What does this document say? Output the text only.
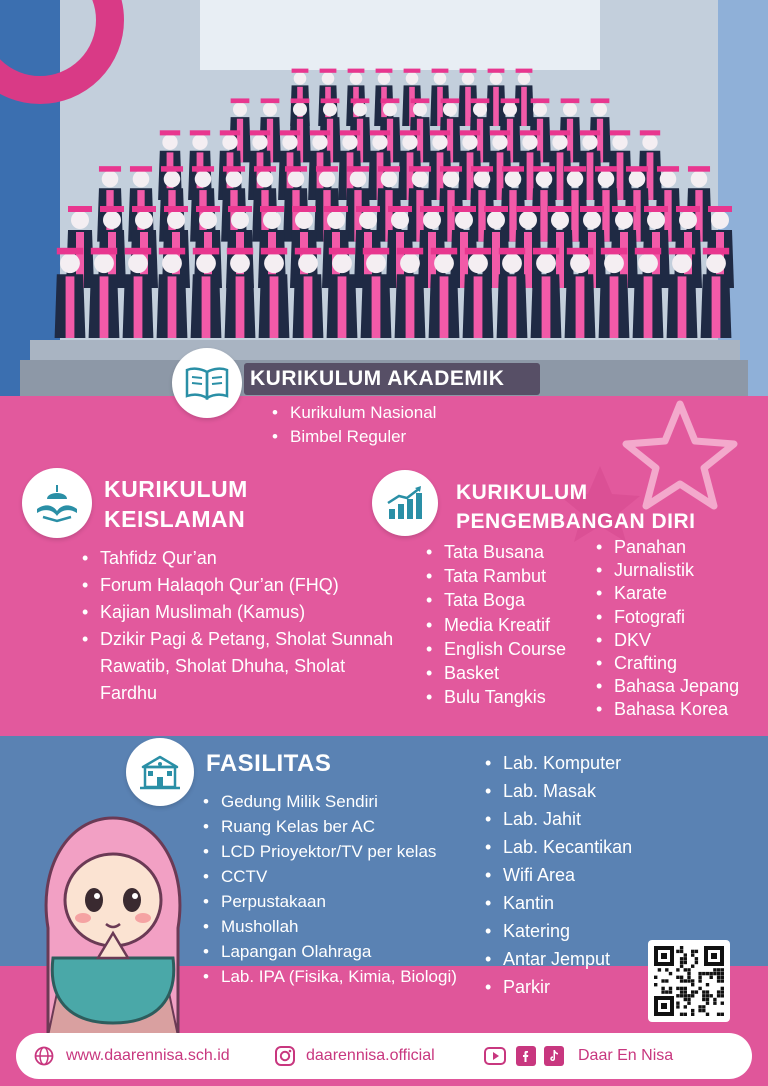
KURIKULUM AKADEMIK
• Kurikulum Nasional
• Bimbel Reguler
KURIKULUM KEISLAMAN
• Tahfidz Qur’an
• Forum Halaqoh Qur’an (FHQ)
• Kajian Muslimah (Kamus)
• Dzikir Pagi & Petang, Sholat Sunnah Rawatib, Sholat Dhuha, Sholat Fardhu
KURIKULUM PENGEMBANGAN DIRI
• Tata Busana
• Tata Rambut
• Tata Boga
• Media Kreatif
• English Course
• Basket
• Bulu Tangkis
• Panahan
• Jurnalistik
• Karate
• Fotografi
• DKV
• Crafting
• Bahasa Jepang
• Bahasa Korea
FASILITAS
• Gedung Milik Sendiri
• Ruang Kelas ber AC
• LCD Prioyektor/TV per kelas
• CCTV
• Perpustakaan
• Mushollah
• Lapangan Olahraga
• Lab. IPA (Fisika, Kimia, Biologi)
• Lab. Komputer
• Lab. Masak
• Lab. Jahit
• Lab. Kecantikan
• Wifi Area
• Kantin
• Katering
• Antar Jemput
• Parkir
www.daarennisa.sch.id	daarennisa.official	Daar En Nisa
